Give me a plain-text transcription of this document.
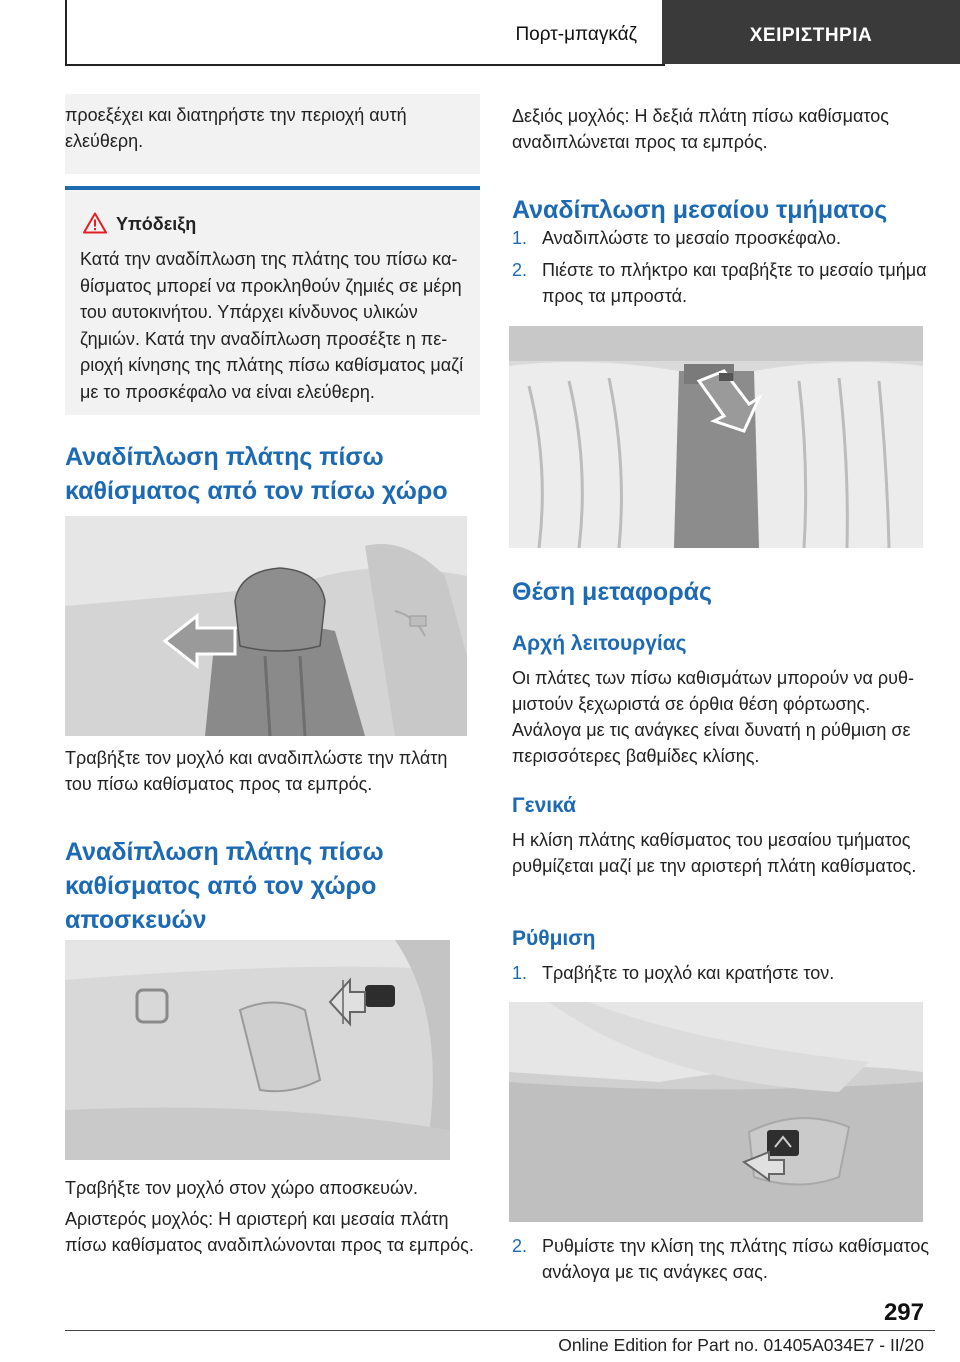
Πορτ-μπαγκάζ	ΧΕΙΡΙΣΤΗΡΙΑ
προεξέχει και διατηρήστε την περιοχή αυτή ελεύθερη.
Υπόδειξη
Κατά την αναδίπλωση της πλάτης του πίσω καθίσματος μπορεί να προκληθούν ζημιές σε μέρη του αυτοκινήτου. Υπάρχει κίνδυνος υλικών ζημιών. Κατά την αναδίπλωση προσέξτε η περιοχή κίνησης της πλάτης πίσω καθίσματος μαζί με το προσκέφαλο να είναι ελεύθερη.
Αναδίπλωση πλάτης πίσω καθίσματος από τον πίσω χώρο
Τραβήξτε τον μοχλό και αναδιπλώστε την πλάτη του πίσω καθίσματος προς τα εμπρός.
Αναδίπλωση πλάτης πίσω καθίσματος από τον χώρο αποσκευών
Τραβήξτε τον μοχλό στον χώρο αποσκευών.
Αριστερός μοχλός: Η αριστερή και μεσαία πλάτη πίσω καθίσματος αναδιπλώνονται προς τα εμπρός.
Δεξιός μοχλός: Η δεξιά πλάτη πίσω καθίσματος αναδιπλώνεται προς τα εμπρός.
Αναδίπλωση μεσαίου τμήματος
1. Αναδιπλώστε το μεσαίο προσκέφαλο.
2. Πιέστε το πλήκτρο και τραβήξτε το μεσαίο τμήμα προς τα μπροστά.
Θέση μεταφοράς
Αρχή λειτουργίας
Οι πλάτες των πίσω καθισμάτων μπορούν να ρυθμιστούν ξεχωριστά σε όρθια θέση φόρτωσης. Ανάλογα με τις ανάγκες είναι δυνατή η ρύθμιση σε περισσότερες βαθμίδες κλίσης.
Γενικά
Η κλίση πλάτης καθίσματος του μεσαίου τμήματος ρυθμίζεται μαζί με την αριστερή πλάτη καθίσματος.
Ρύθμιση
1. Τραβήξτε το μοχλό και κρατήστε τον.
2. Ρυθμίστε την κλίση της πλάτης πίσω καθίσματος ανάλογα με τις ανάγκες σας.
297
Online Edition for Part no. 01405A034E7 - II/20
